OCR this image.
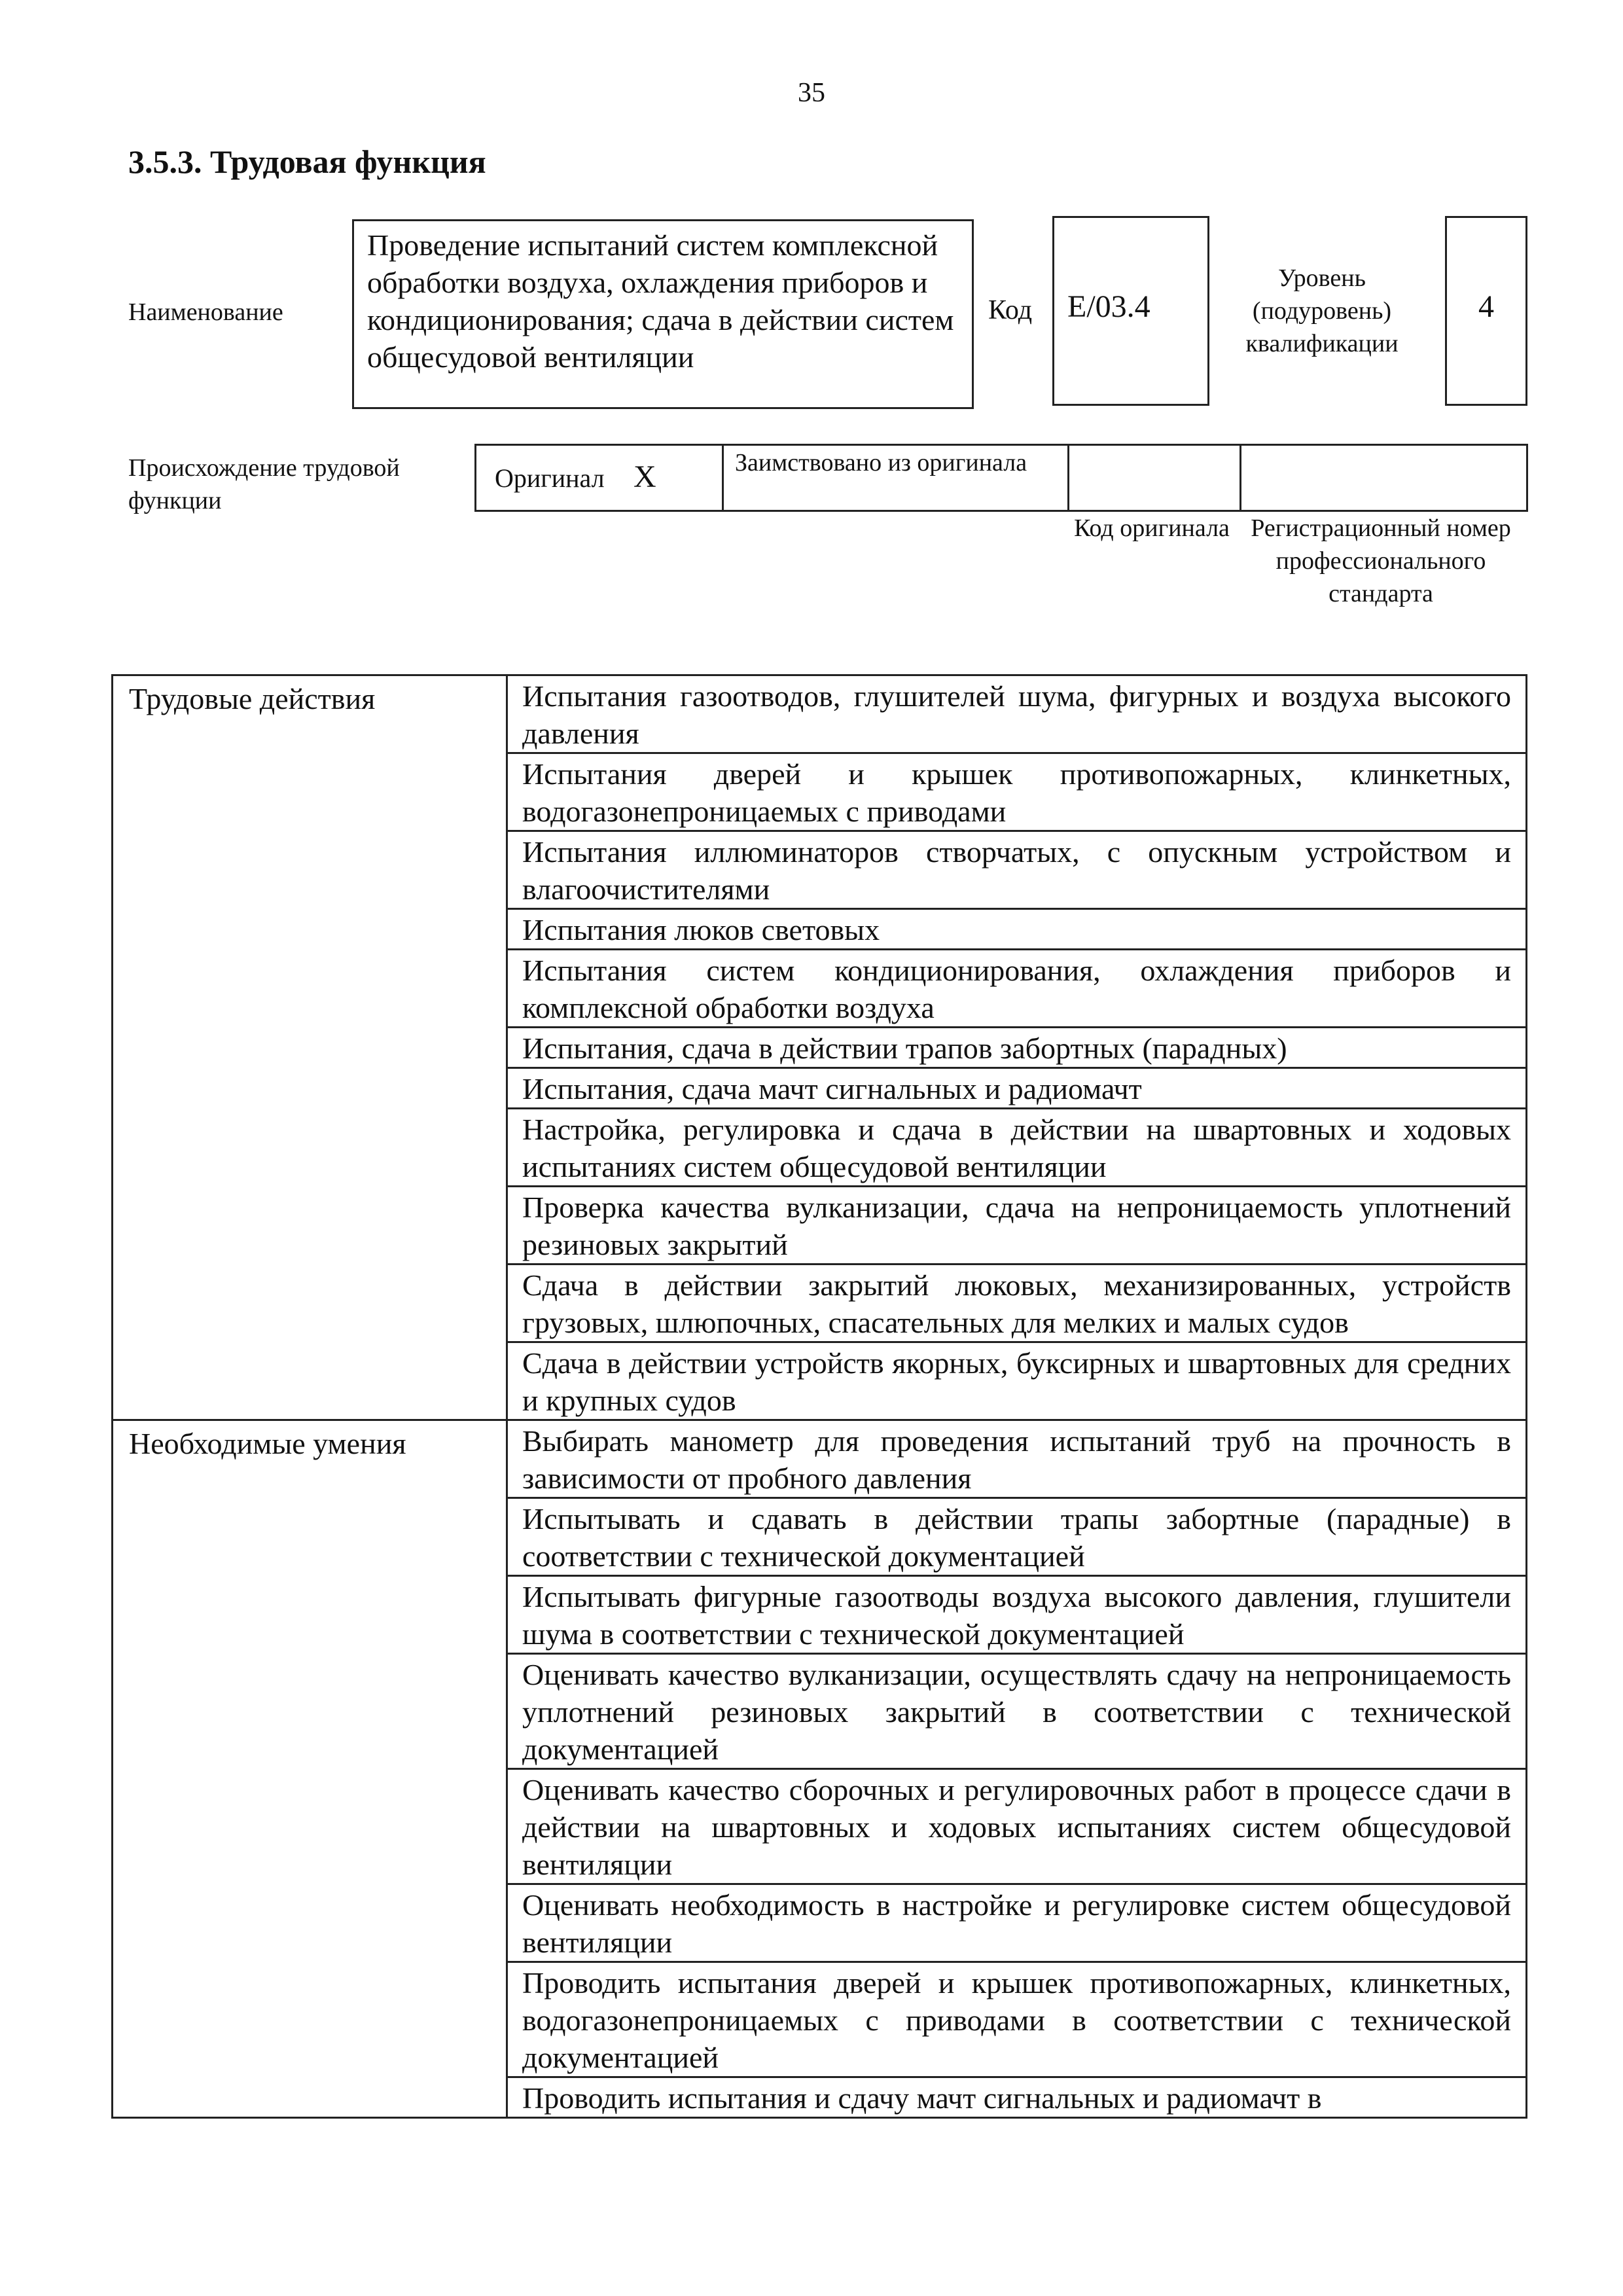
35
3.5.3. Трудовая функция
Наименование
Проведение испытаний систем комплексной обработки воздуха, охлаждения приборов и кондиционирования; сдача в действии систем общесудовой вентиляции
Код	E/03.4
Уровень
(подуровень)
квалификации
4
Происхождение трудовой функции
Оригинал X	Заимствовано из оригинала
Код оригинала Регистрационный номер профессионального стандарта
Трудовые действия	Испытания газоотводов, глушителей шума, фигурных и воздуха высокого давления
	Испытания дверей и крышек противопожарных, клинкетных, водогазонепроницаемых с приводами
	Испытания иллюминаторов створчатых, с опускным устройством и влагоочистителями
	Испытания люков световых
	Испытания систем кондиционирования, охлаждения приборов и комплексной обработки воздуха
	Испытания, сдача в действии трапов забортных (парадных)
	Испытания, сдача мачт сигнальных и радиомачт
	Настройка, регулировка и сдача в действии на швартовных и ходовых испытаниях систем общесудовой вентиляции
	Проверка качества вулканизации, сдача на непроницаемость уплотнений резиновых закрытий
	Сдача в действии закрытий люковых, механизированных, устройств грузовых, шлюпочных, спасательных для мелких и малых судов
	Сдача в действии устройств якорных, буксирных и швартовных для средних и крупных судов
Необходимые умения	Выбирать манометр для проведения испытаний труб на прочность в зависимости от пробного давления
	Испытывать и сдавать в действии трапы забортные (парадные) в соответствии с технической документацией
	Испытывать фигурные газоотводы воздуха высокого давления, глушители шума в соответствии с технической документацией
	Оценивать качество вулканизации, осуществлять сдачу на непроницаемость уплотнений резиновых закрытий в соответствии с технической документацией
	Оценивать качество сборочных и регулировочных работ в процессе сдачи в действии на швартовных и ходовых испытаниях систем общесудовой вентиляции
	Оценивать необходимость в настройке и регулировке систем общесудовой вентиляции
	Проводить испытания дверей и крышек противопожарных, клинкетных, водогазонепроницаемых с приводами в соответствии с технической документацией
	Проводить испытания и сдачу мачт сигнальных и радиомачт в
